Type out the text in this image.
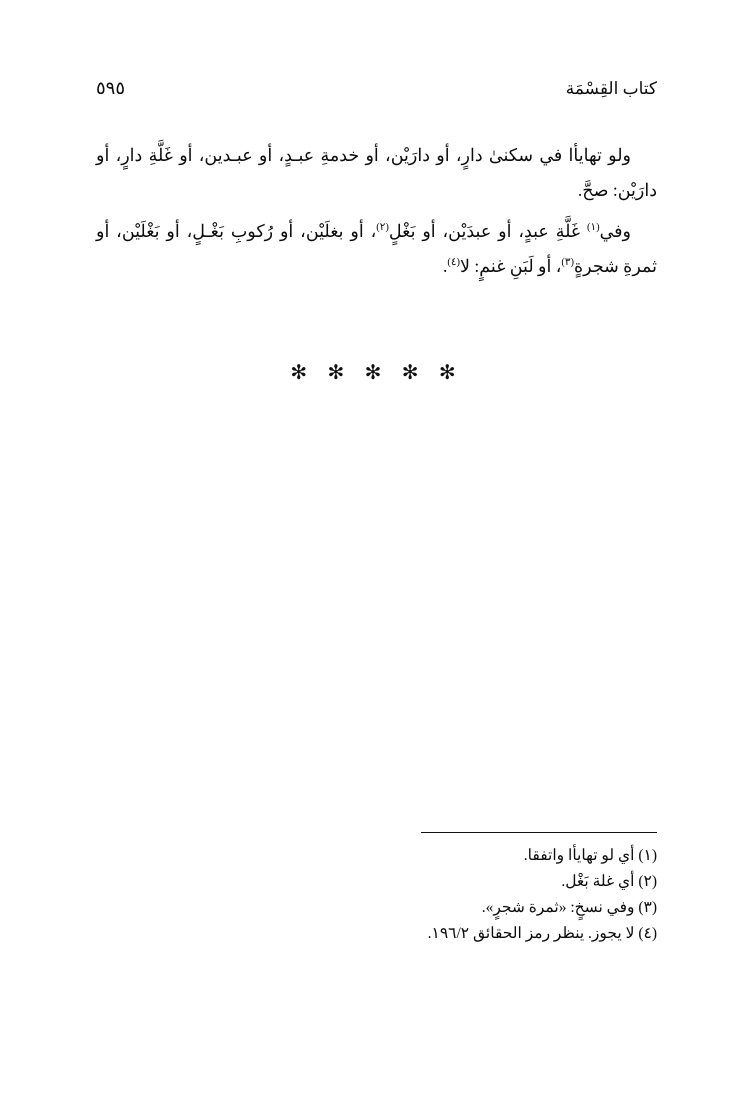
كتاب القِسْمَة
٥٩٥

ولو تهايأا في سكنىٰ دارٍ، أو دارَيْن، أو خدمةِ عبـدٍ، أو عبـدين، أو غَلَّةِ دارٍ، أو دارَيْن: صحَّ.

وفي$^{(١)}$ غَلَّةِ عبدٍ، أو عبدَيْن، أو بَغْلٍ$^{(٢)}$، أو بغلَيْن، أو رُكوبِ بَغْـلٍ، أو بَغْلَيْن، أو ثمرةِ شجرةٍ$^{(٣)}$، أو لَبَنِ غنمٍ: لا$^{(٤)}$.

✻ ✻ ✻ ✻ ✻

(١) أي لو تهايأا واتفقا.

(٢) أي غلة بَغْل.

(٣) وفي نسخٍ: «ثمرة شجرٍ».

(٤) لا يجوز. ينظر رمز الحقائق ١٩٦/٢.
